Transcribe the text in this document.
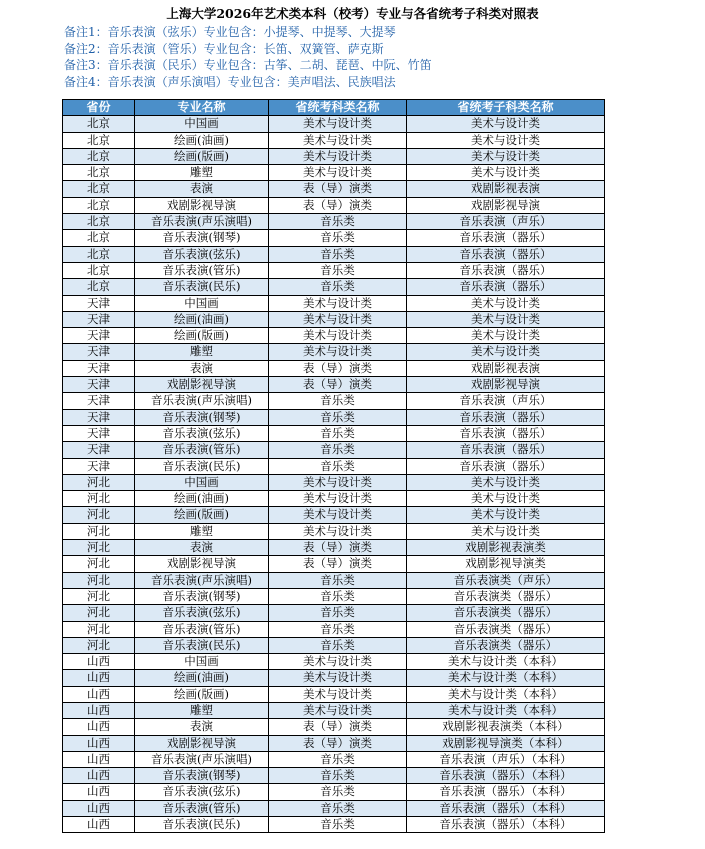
上海大学2026年艺术类本科（校考）专业与各省统考子科类对照表
备注1：音乐表演（弦乐）专业包含：小提琴、中提琴、大提琴
备注2：音乐表演（管乐）专业包含：长笛、双簧管、萨克斯
备注3：音乐表演（民乐）专业包含：古筝、二胡、琵琶、中阮、竹笛
备注4：音乐表演（声乐演唱）专业包含：美声唱法、民族唱法
省份	专业名称	省统考科类名称	省统考子科类名称
北京	中国画	美术与设计类	美术与设计类
北京	绘画(油画)	美术与设计类	美术与设计类
北京	绘画(版画)	美术与设计类	美术与设计类
北京	雕塑	美术与设计类	美术与设计类
北京	表演	表（导）演类	戏剧影视表演
北京	戏剧影视导演	表（导）演类	戏剧影视导演
北京	音乐表演(声乐演唱)	音乐类	音乐表演（声乐）
北京	音乐表演(钢琴)	音乐类	音乐表演（器乐）
北京	音乐表演(弦乐)	音乐类	音乐表演（器乐）
北京	音乐表演(管乐)	音乐类	音乐表演（器乐）
北京	音乐表演(民乐)	音乐类	音乐表演（器乐）
天津	中国画	美术与设计类	美术与设计类
天津	绘画(油画)	美术与设计类	美术与设计类
天津	绘画(版画)	美术与设计类	美术与设计类
天津	雕塑	美术与设计类	美术与设计类
天津	表演	表（导）演类	戏剧影视表演
天津	戏剧影视导演	表（导）演类	戏剧影视导演
天津	音乐表演(声乐演唱)	音乐类	音乐表演（声乐）
天津	音乐表演(钢琴)	音乐类	音乐表演（器乐）
天津	音乐表演(弦乐)	音乐类	音乐表演（器乐）
天津	音乐表演(管乐)	音乐类	音乐表演（器乐）
天津	音乐表演(民乐)	音乐类	音乐表演（器乐）
河北	中国画	美术与设计类	美术与设计类
河北	绘画(油画)	美术与设计类	美术与设计类
河北	绘画(版画)	美术与设计类	美术与设计类
河北	雕塑	美术与设计类	美术与设计类
河北	表演	表（导）演类	戏剧影视表演类
河北	戏剧影视导演	表（导）演类	戏剧影视导演类
河北	音乐表演(声乐演唱)	音乐类	音乐表演类（声乐）
河北	音乐表演(钢琴)	音乐类	音乐表演类（器乐）
河北	音乐表演(弦乐)	音乐类	音乐表演类（器乐）
河北	音乐表演(管乐)	音乐类	音乐表演类（器乐）
河北	音乐表演(民乐)	音乐类	音乐表演类（器乐）
山西	中国画	美术与设计类	美术与设计类（本科）
山西	绘画(油画)	美术与设计类	美术与设计类（本科）
山西	绘画(版画)	美术与设计类	美术与设计类（本科）
山西	雕塑	美术与设计类	美术与设计类（本科）
山西	表演	表（导）演类	戏剧影视表演类（本科）
山西	戏剧影视导演	表（导）演类	戏剧影视导演类（本科）
山西	音乐表演(声乐演唱)	音乐类	音乐表演（声乐）（本科）
山西	音乐表演(钢琴)	音乐类	音乐表演（器乐）（本科）
山西	音乐表演(弦乐)	音乐类	音乐表演（器乐）（本科）
山西	音乐表演(管乐)	音乐类	音乐表演（器乐）（本科）
山西	音乐表演(民乐)	音乐类	音乐表演（器乐）（本科）
